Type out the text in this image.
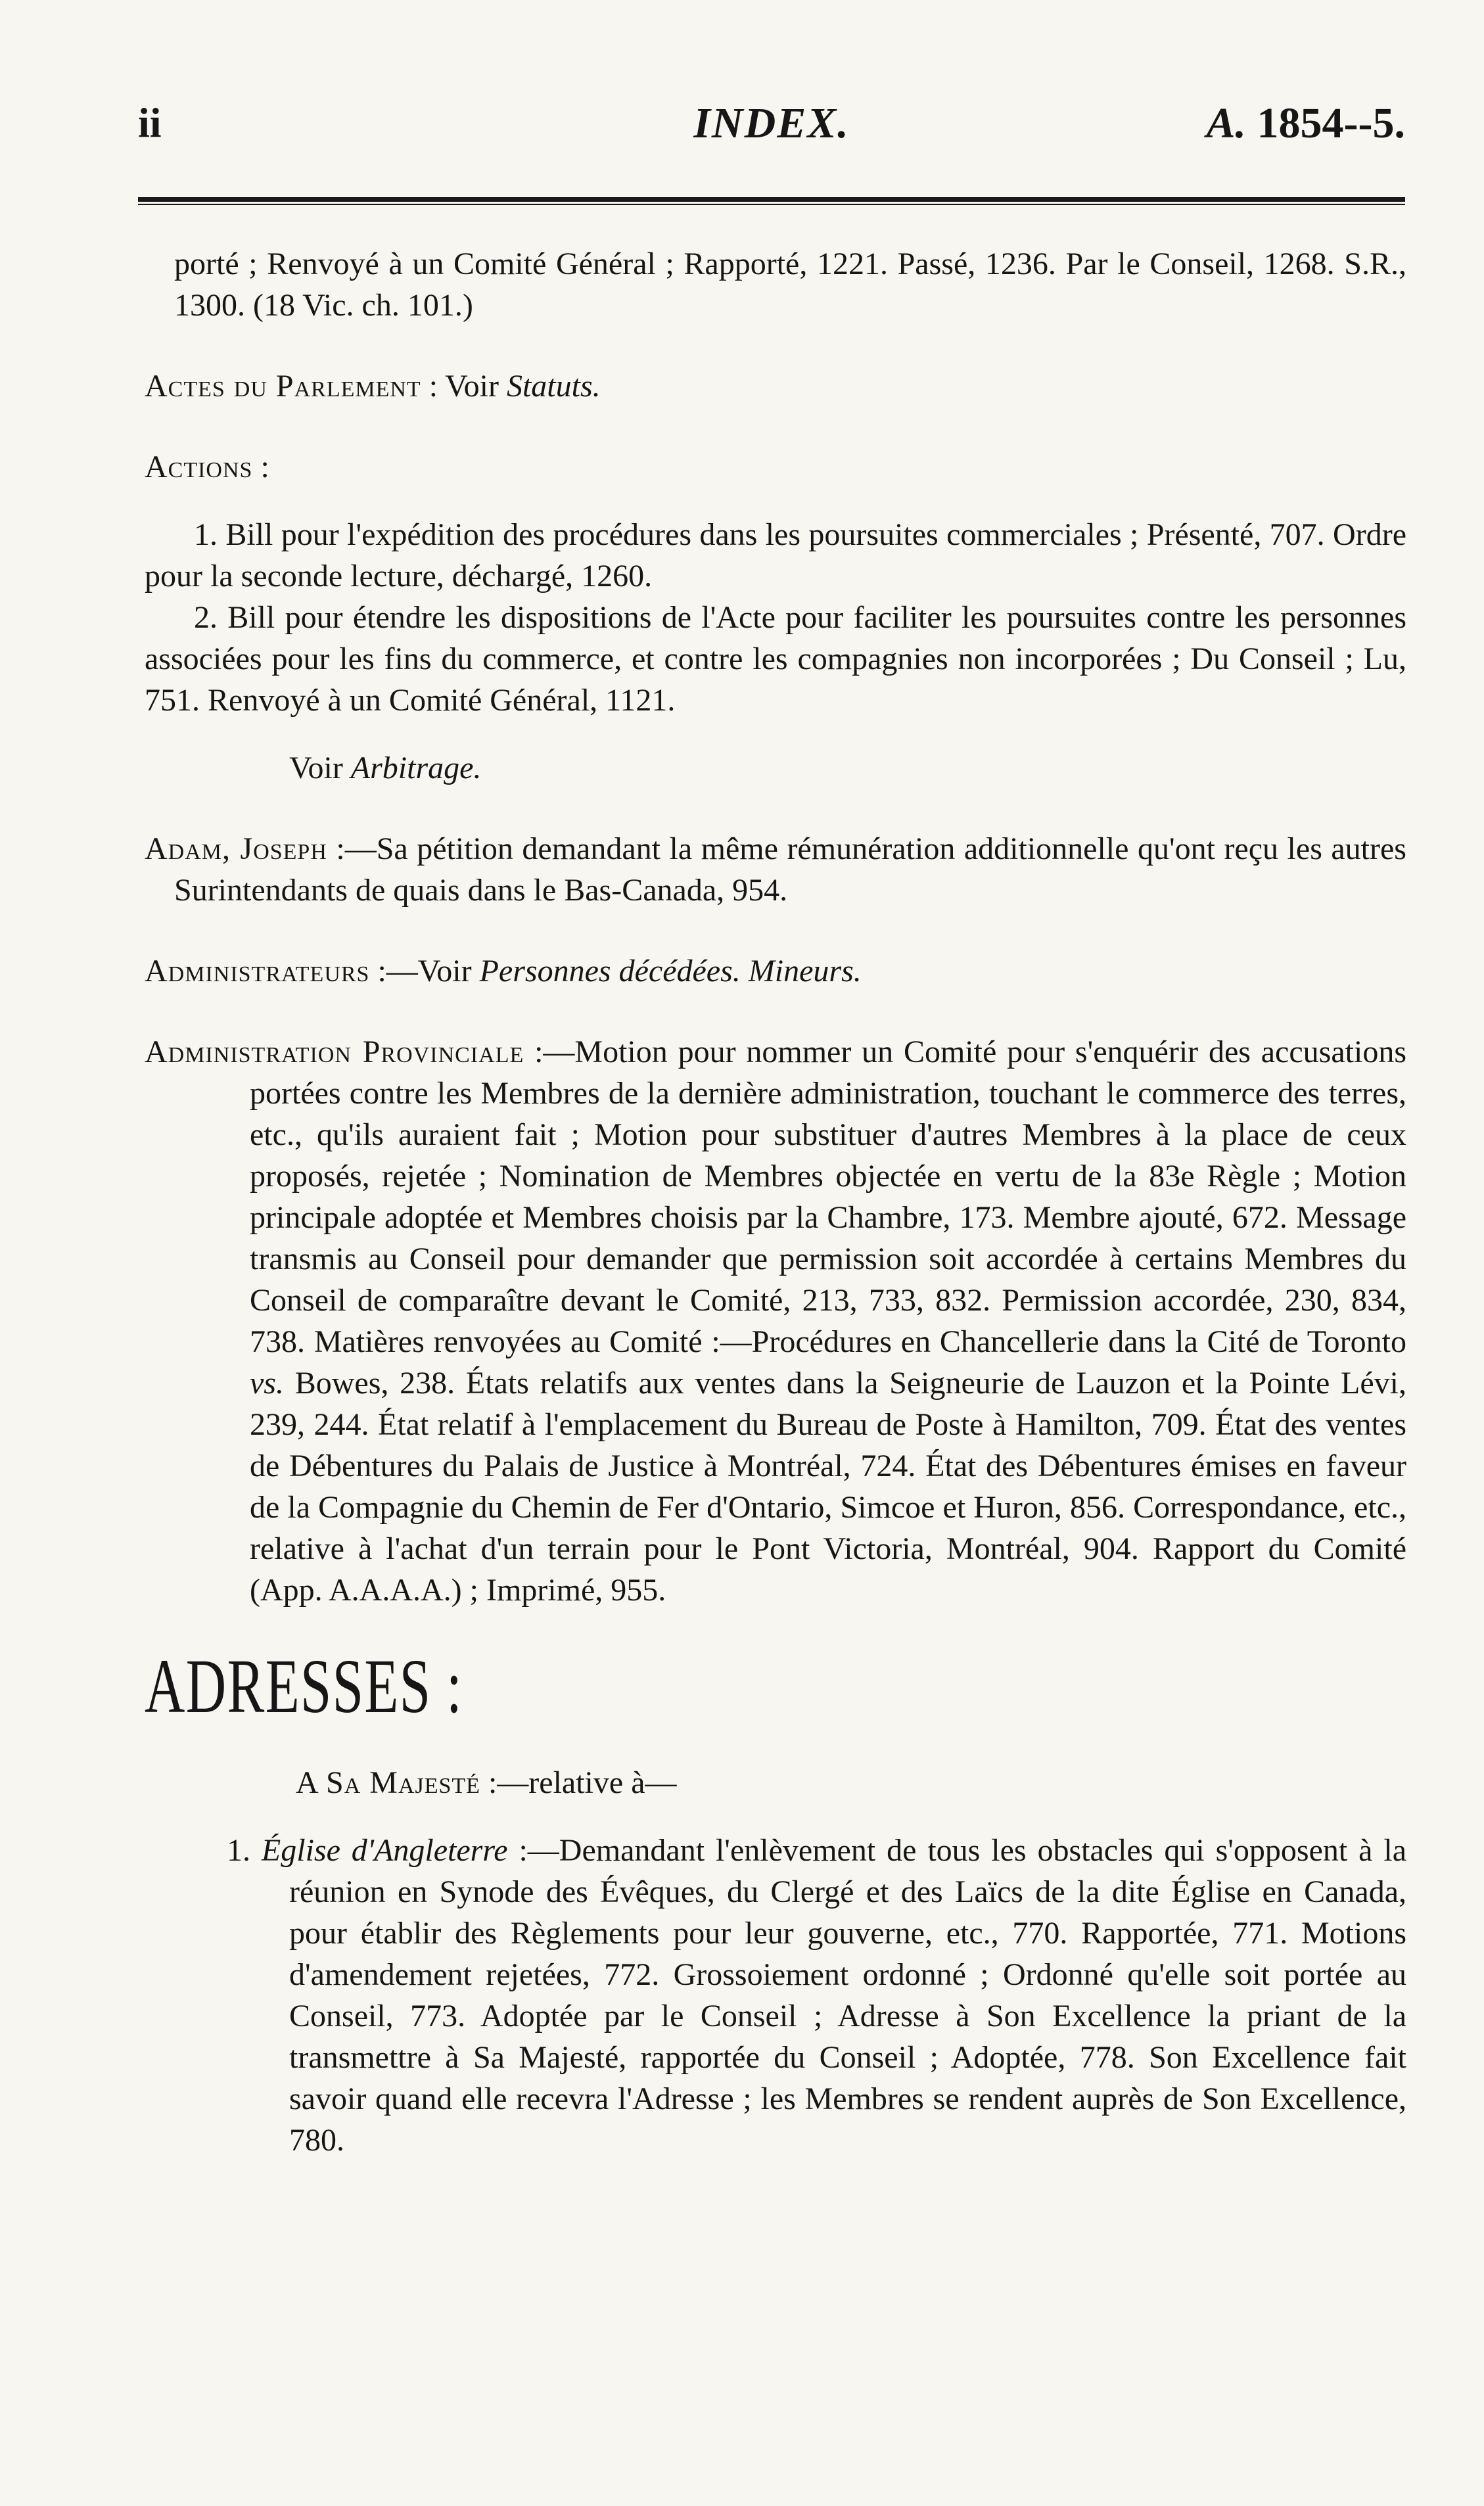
ii	INDEX.	A. 1854--5.

porté ; Renvoyé à un Comité Général ; Rapporté, 1221. Passé, 1236. Par le Conseil, 1268. S.R., 1300. (18 Vic. ch. 101.)

Actes du Parlement : Voir Statuts.

Actions :

1. Bill pour l'expédition des procédures dans les poursuites commerciales ; Présenté, 707. Ordre pour la seconde lecture, déchargé, 1260.

2. Bill pour étendre les dispositions de l'Acte pour faciliter les poursuites contre les personnes associées pour les fins du commerce, et contre les compagnies non incorporées ; Du Conseil ; Lu, 751. Renvoyé à un Comité Général, 1121.

Voir Arbitrage.

Adam, Joseph :—Sa pétition demandant la même rémunération additionnelle qu'ont reçu les autres Surintendants de quais dans le Bas-Canada, 954.

Administrateurs :—Voir Personnes décédées. Mineurs.

Administration Provinciale :—Motion pour nommer un Comité pour s'enquérir des accusations portées contre les Membres de la dernière administration, touchant le commerce des terres, etc., qu'ils auraient fait ; Motion pour substituer d'autres Membres à la place de ceux proposés, rejetée ; Nomination de Membres objectée en vertu de la 83e Règle ; Motion principale adoptée et Membres choisis par la Chambre, 173. Membre ajouté, 672. Message transmis au Conseil pour demander que permission soit accordée à certains Membres du Conseil de comparaître devant le Comité, 213, 733, 832. Permission accordée, 230, 834, 738. Matières renvoyées au Comité :—Procédures en Chancellerie dans la Cité de Toronto vs. Bowes, 238. États relatifs aux ventes dans la Seigneurie de Lauzon et la Pointe Lévi, 239, 244. État relatif à l'emplacement du Bureau de Poste à Hamilton, 709. État des ventes de Débentures du Palais de Justice à Montréal, 724. État des Débentures émises en faveur de la Compagnie du Chemin de Fer d'Ontario, Simcoe et Huron, 856. Correspondance, etc., relative à l'achat d'un terrain pour le Pont Victoria, Montréal, 904. Rapport du Comité (App. A.A.A.A.) ; Imprimé, 955.

ADRESSES :

A Sa Majesté :—relative à—

1. Église d'Angleterre :—Demandant l'enlèvement de tous les obstacles qui s'opposent à la réunion en Synode des Évêques, du Clergé et des Laïcs de la dite Église en Canada, pour établir des Règlements pour leur gouverne, etc., 770. Rapportée, 771. Motions d'amendement rejetées, 772. Grossoiement ordonné ; Ordonné qu'elle soit portée au Conseil, 773. Adoptée par le Conseil ; Adresse à Son Excellence la priant de la transmettre à Sa Majesté, rapportée du Conseil ; Adoptée, 778. Son Excellence fait savoir quand elle recevra l'Adresse ; les Membres se rendent auprès de Son Excellence, 780.
